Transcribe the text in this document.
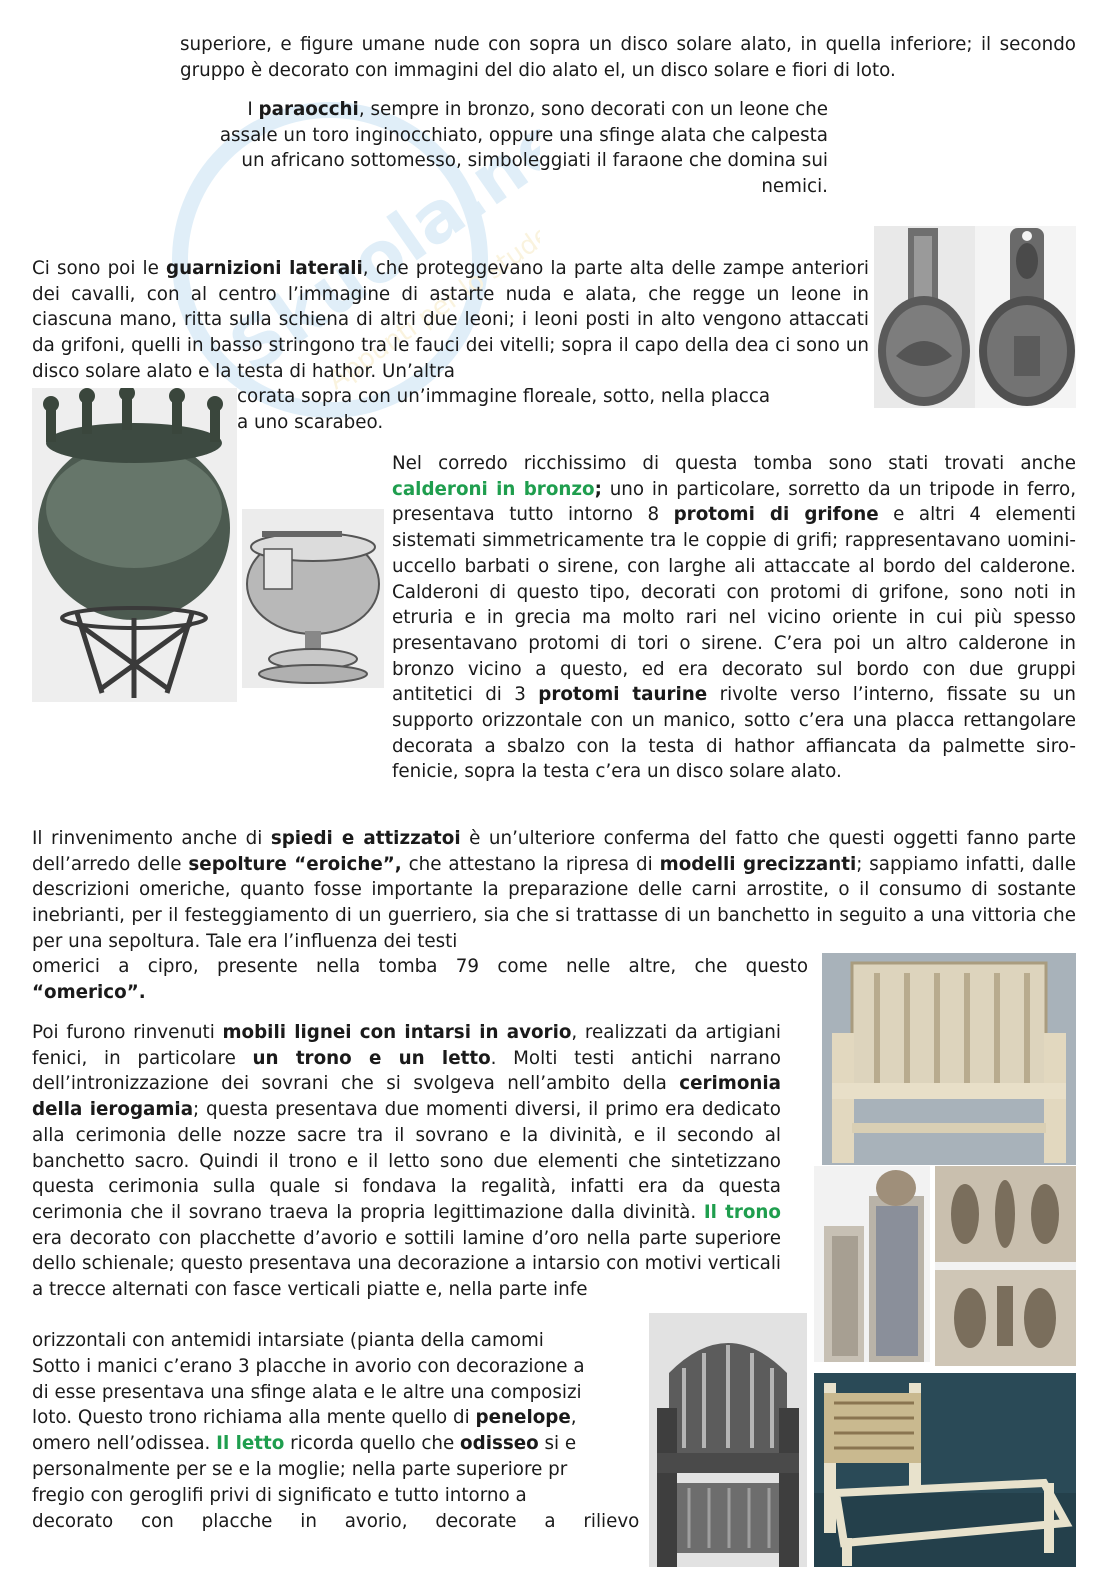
Skuola.net
Appunti per lo studente

superiore, e figure umane nude con sopra un disco solare alato, in quella inferiore; il secondo gruppo è decorato con immagini del dio alato el, un disco solare e fiori di loto.

I paraocchi, sempre in bronzo, sono decorati con un leone che assale un toro inginocchiato, oppure una sfinge alata che calpesta un africano sottomesso, simboleggiati il faraone che domina sui nemici.

Ci sono poi le guarnizioni laterali, che proteggevano la parte alta delle zampe anteriori dei cavalli, con al centro l’immagine di astarte nuda e alata, che regge un leone in ciascuna mano, ritta sulla schiena di altri due leoni; i leoni posti in alto vengono attaccati da grifoni, quelli in basso stringono tra le fauci dei vitelli; sopra il capo della dea ci sono un disco solare alato e la testa di hathor. Un’altra

corata sopra con un’immagine floreale, sotto, nella placca

a uno scarabeo.

Nel corredo ricchissimo di questa tomba sono stati trovati anche calderoni in bronzo; uno in particolare, sorretto da un tripode in ferro, presentava tutto intorno 8 protomi di grifone e altri 4 elementi sistemati simmetricamente tra le coppie di grifi; rappresentavano uomini-uccello barbati o sirene, con larghe ali attaccate al bordo del calderone. Calderoni di questo tipo, decorati con protomi di grifone, sono noti in etruria e in grecia ma molto rari nel vicino oriente in cui più spesso presentavano protomi di tori o sirene. C’era poi un altro calderone in bronzo vicino a questo, ed era decorato sul bordo con due gruppi antitetici di 3 protomi taurine rivolte verso l’interno, fissate su un supporto orizzontale con un manico, sotto c’era una placca rettangolare decorata a sbalzo con la testa di hathor affiancata da palmette siro-fenicie, sopra la testa c’era un disco solare alato.

Il rinvenimento anche di spiedi e attizzatoi è un’ulteriore conferma del fatto che questi oggetti fanno parte dell’arredo delle sepolture “eroiche”, che attestano la ripresa di modelli grecizzanti; sappiamo infatti, dalle descrizioni omeriche, quanto fosse importante la preparazione delle carni arrostite, o il consumo di sostante inebrianti, per il festeggiamento di un guerriero, sia che si trattasse di un banchetto in seguito a una vittoria che per una sepoltura. Tale era l’influenza dei testi

omerici a cipro, presente nella tomba 79 come nelle altre, che questo

“omerico”.

Poi furono rinvenuti mobili lignei con intarsi in avorio, realizzati da artigiani fenici, in particolare un trono e un letto. Molti testi antichi narrano dell’intronizzazione dei sovrani che si svolgeva nell’ambito della cerimonia della ierogamia; questa presentava due momenti diversi, il primo era dedicato alla cerimonia delle nozze sacre tra il sovrano e la divinità, e il secondo al banchetto sacro. Quindi il trono e il letto sono due elementi che sintetizzano questa cerimonia sulla quale si fondava la regalità, infatti era da questa cerimonia che il sovrano traeva la propria legittimazione dalla divinità. Il trono era decorato con placchette d’avorio e sottili lamine d’oro nella parte superiore dello schienale; questo presentava una decorazione a intarsio con motivi verticali a trecce alternati con fasce verticali piatte e, nella parte infe

orizzontali con antemidi intarsiate (pianta della camomi

Sotto i manici c’erano 3 placche in avorio con decorazione a

di esse presentava una sfinge alata e le altre una composizi

loto. Questo trono richiama alla mente quello di penelope,

omero nell’odissea. Il letto ricorda quello che odisseo si e

personalmente per se e la moglie; nella parte superiore pr

fregio con geroglifi privi di significato e tutto intorno a

decorato con placche in avorio, decorate a rilievo
